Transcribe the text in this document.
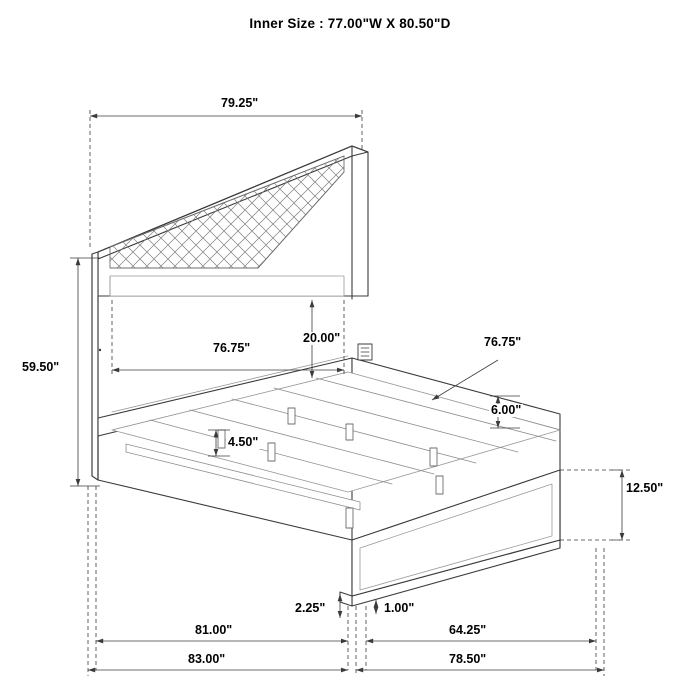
Inner Size : 77.00"W X 80.50"D
79.25"
59.50"
76.75"
20.00"	76.75"
6.00"
4.50"
12.50"
2.25"	1.00"
81.00"
83.00"
64.25"
78.50"
